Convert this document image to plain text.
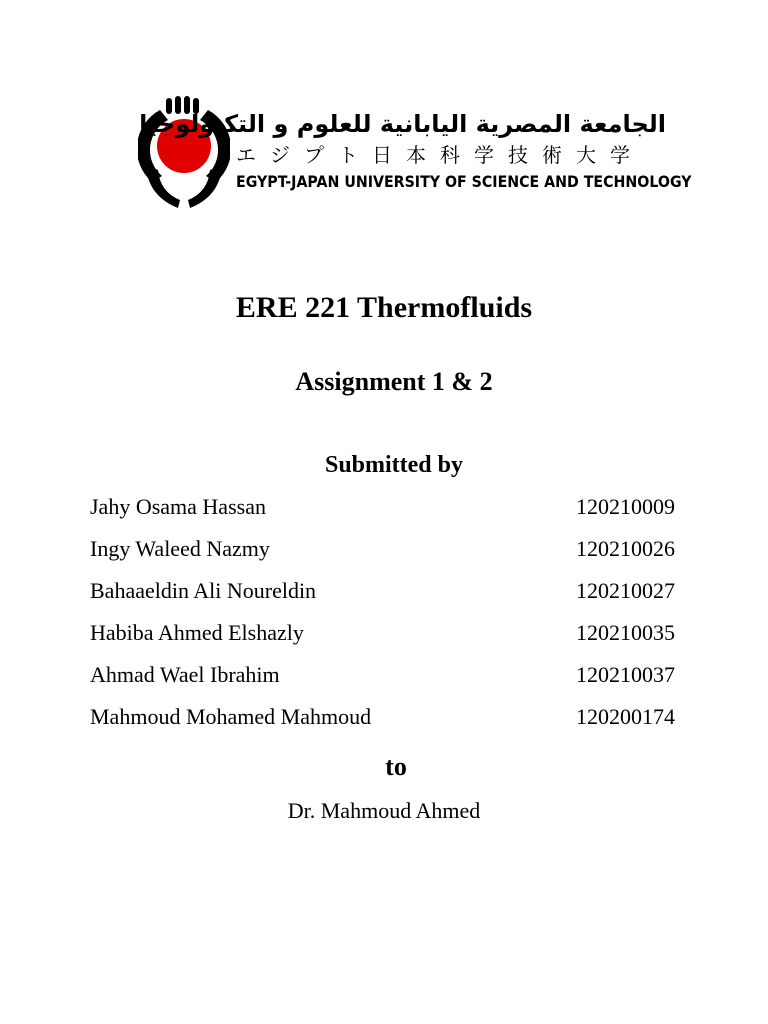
الجامعة المصرية اليابانية للعلوم و التكنولوجيا
エジプト日本科学技術大学
EGYPT-JAPAN UNIVERSITY OF SCIENCE AND TECHNOLOGY
ERE 221 Thermofluids
Assignment 1 & 2
Submitted by
Jahy Osama Hassan	120210009
Ingy Waleed Nazmy	120210026
Bahaaeldin Ali Noureldin	120210027
Habiba Ahmed Elshazly	120210035
Ahmad Wael Ibrahim	120210037
Mahmoud Mohamed Mahmoud	120200174
to
Dr. Mahmoud Ahmed
